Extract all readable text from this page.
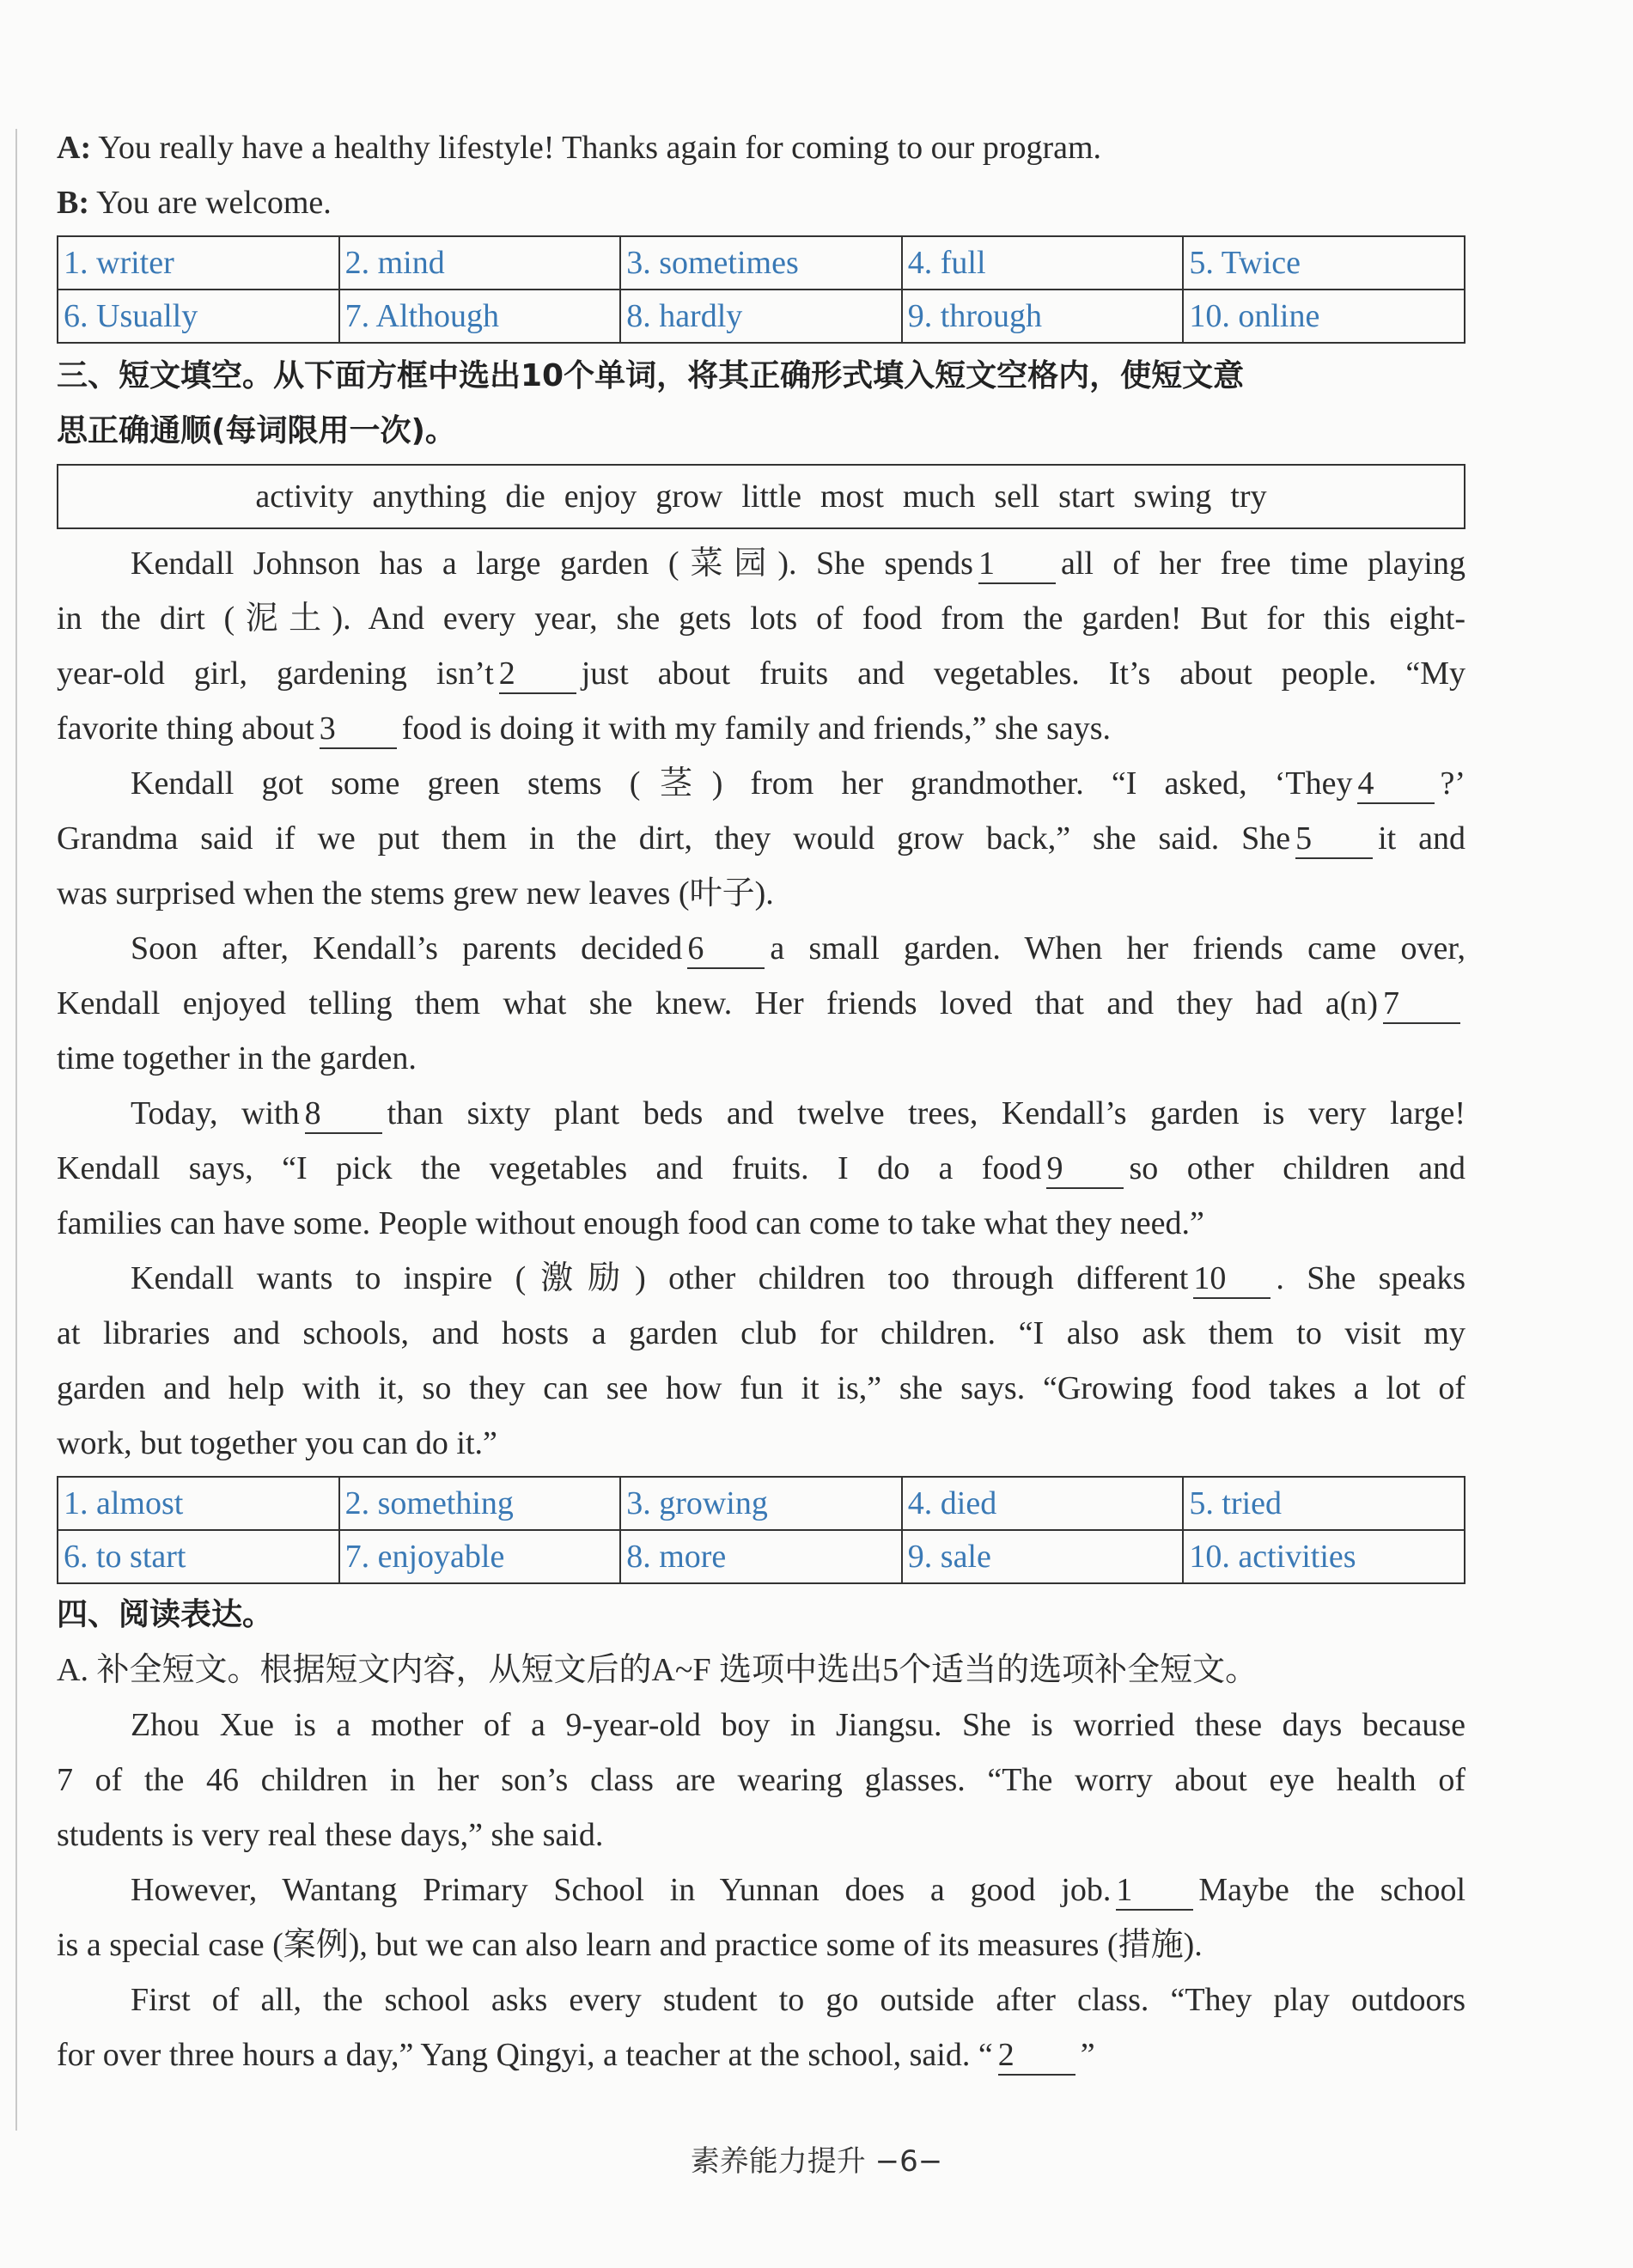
A: You really have a healthy lifestyle! Thanks again for coming to our program.
B: You are welcome.
1. writer	2. mind	3. sometimes	4. full	5. Twice
6. Usually	7. Although	8. hardly	9. through	10. online
三、短文填空。从下面方框中选出10个单词，将其正确形式填入短文空格内，使短文意
思正确通顺(每词限用一次)。
activity anything die enjoy grow little most much sell start swing try
Kendall Johnson has a large garden (菜园). She spends 1 all of her free time playing
in the dirt (泥土). And every year, she gets lots of food from the garden! But for this eight-
year-old girl, gardening isn’t 2 just about fruits and vegetables. It’s about people. “My
favorite thing about 3 food is doing it with my family and friends,” she says.
Kendall got some green stems (茎) from her grandmother. “I asked, ‘They 4 ?’
Grandma said if we put them in the dirt, they would grow back,” she said. She 5 it and
was surprised when the stems grew new leaves (叶子).
Soon after, Kendall’s parents decided 6 a small garden. When her friends came over,
Kendall enjoyed telling them what she knew. Her friends loved that and they had a(n) 7
time together in the garden.
Today, with 8 than sixty plant beds and twelve trees, Kendall’s garden is very large!
Kendall says, “I pick the vegetables and fruits. I do a food 9 so other children and
families can have some. People without enough food can come to take what they need.”
Kendall wants to inspire (激励) other children too through different 10 . She speaks
at libraries and schools, and hosts a garden club for children. “I also ask them to visit my
garden and help with it, so they can see how fun it is,” she says. “Growing food takes a lot of
work, but together you can do it.”
1. almost	2. something	3. growing	4. died	5. tried
6. to start	7. enjoyable	8. more	9. sale	10. activities
四、阅读表达。
A. 补全短文。根据短文内容，从短文后的A~F 选项中选出5个适当的选项补全短文。
Zhou Xue is a mother of a 9-year-old boy in Jiangsu. She is worried these days because
7 of the 46 children in her son’s class are wearing glasses. “The worry about eye health of
students is very real these days,” she said.
However, Wantang Primary School in Yunnan does a good job. 1 Maybe the school
is a special case (案例), but we can also learn and practice some of its measures (措施).
First of all, the school asks every student to go outside after class. “They play outdoors
for over three hours a day,” Yang Qingyi, a teacher at the school, said. “ 2 ”
素养能力提升 −6−
